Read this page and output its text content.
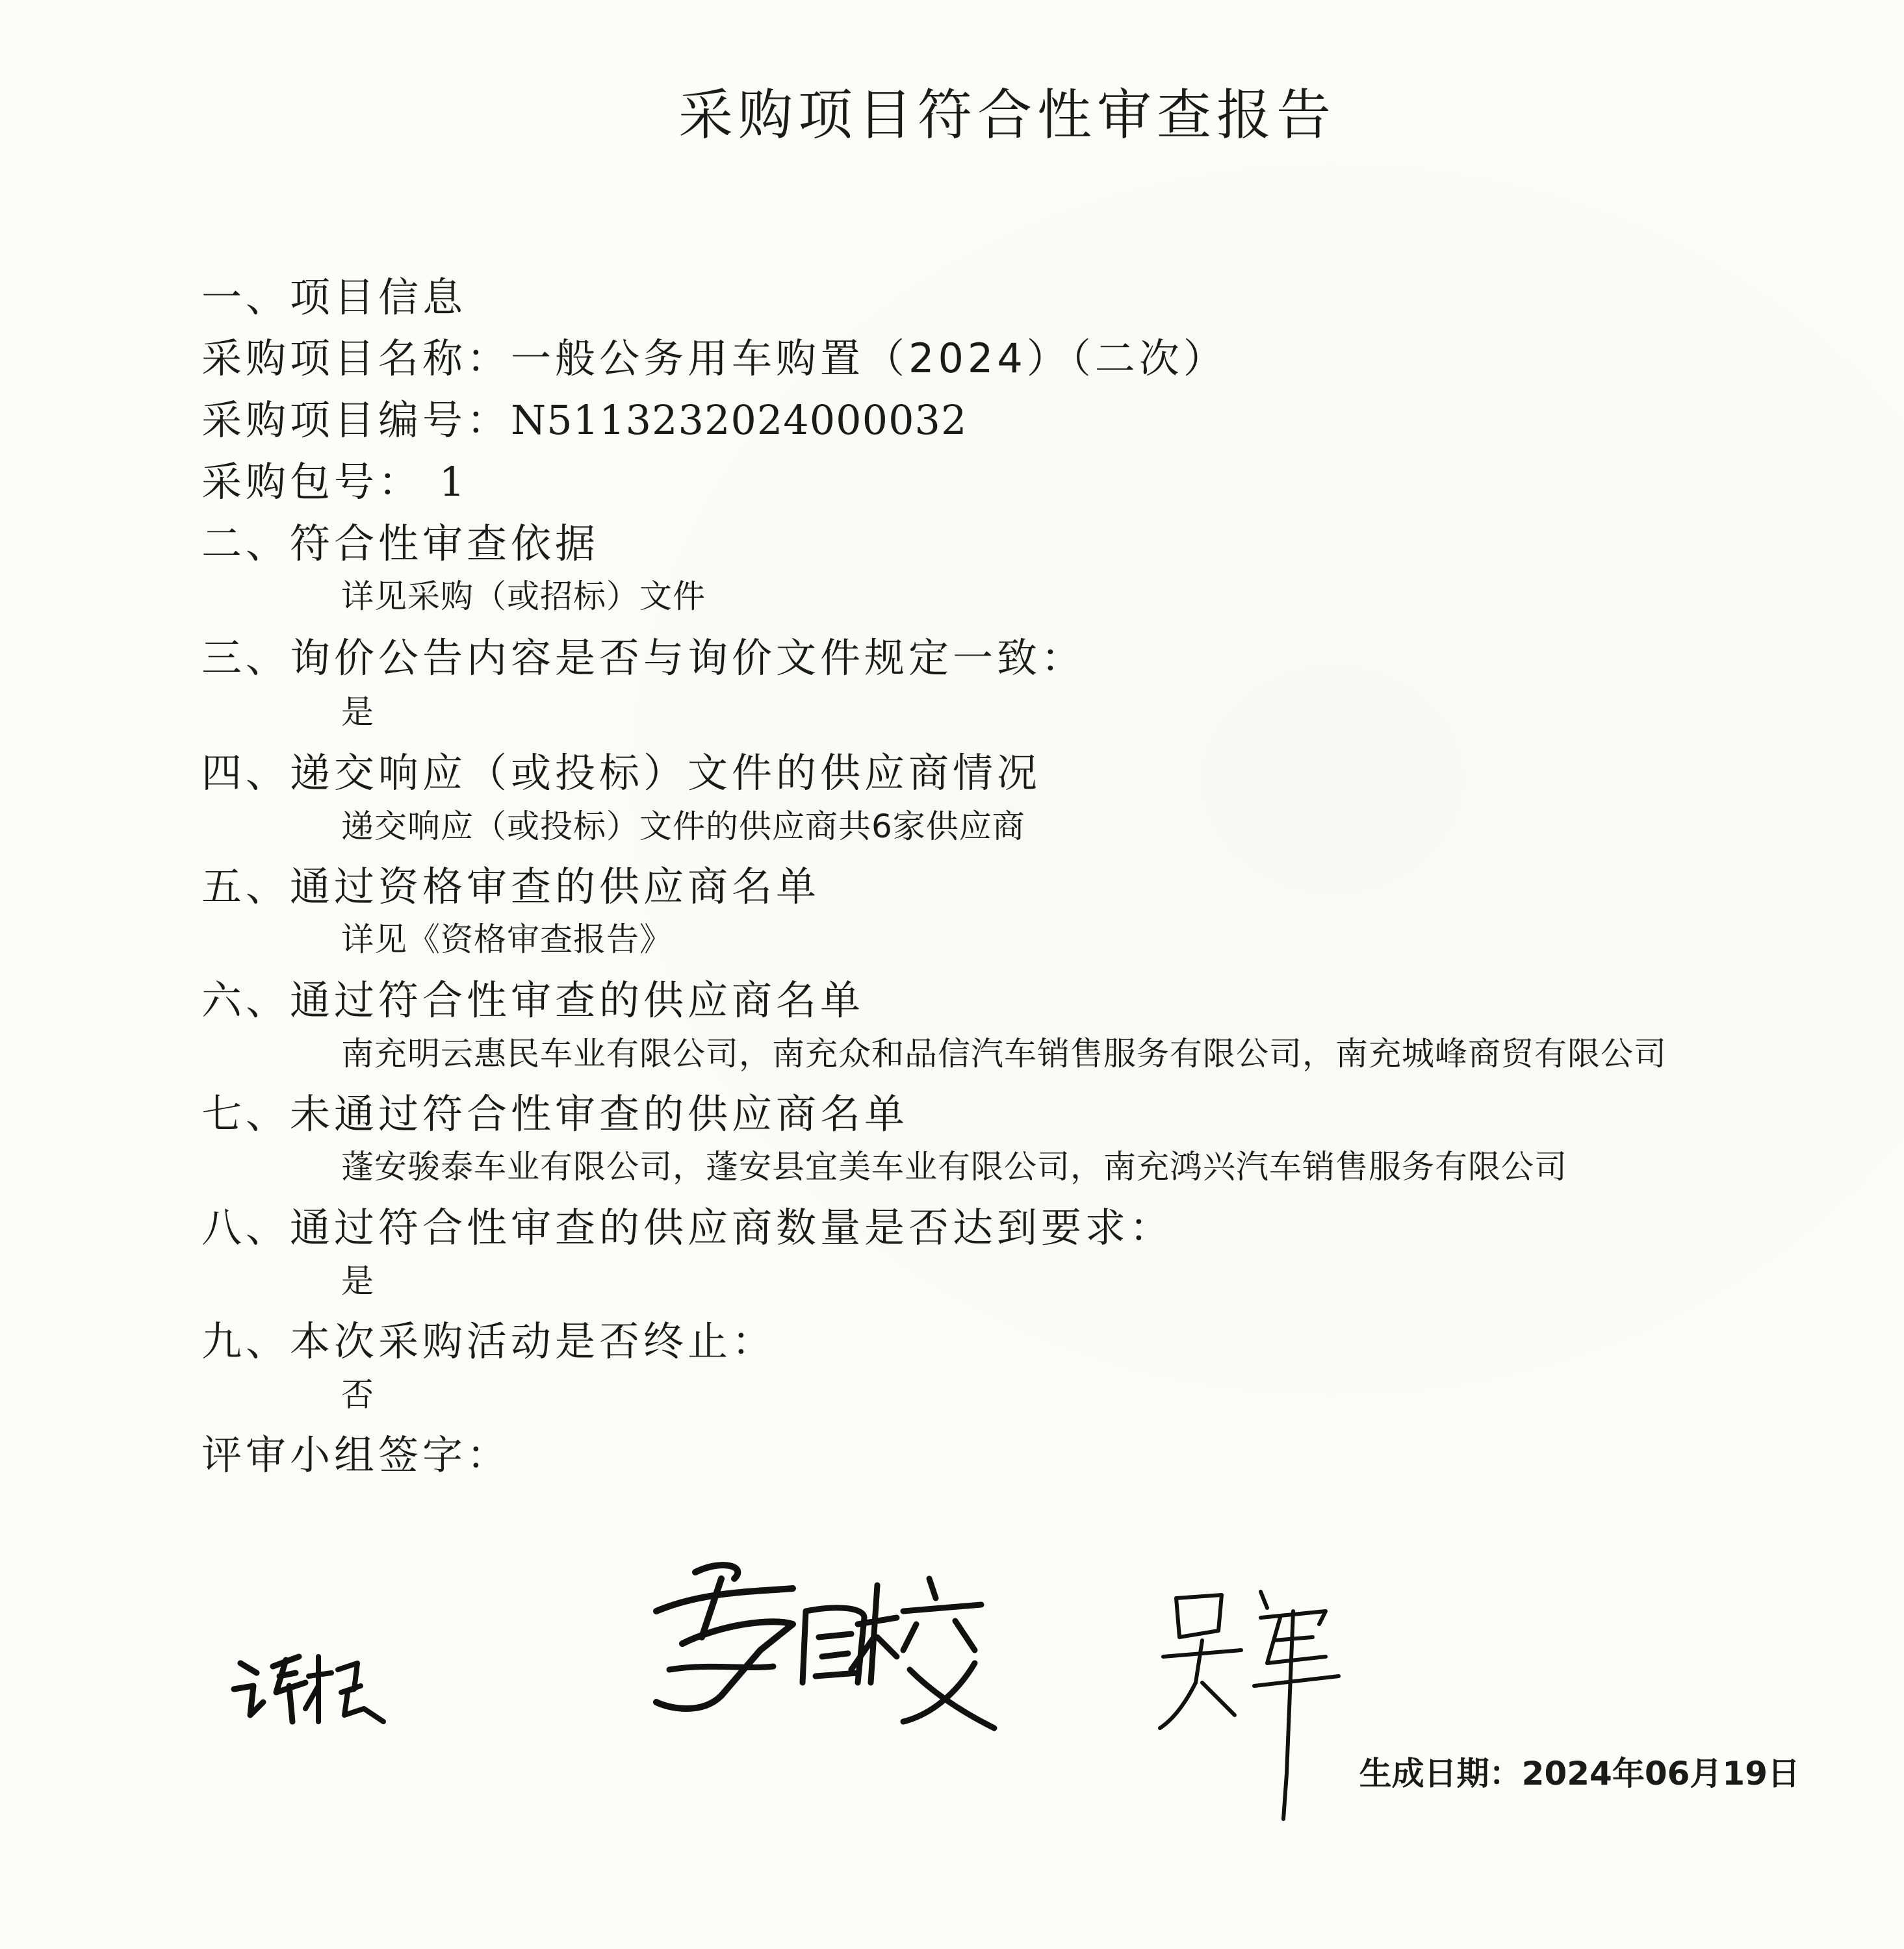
采购项目符合性审查报告
一、项目信息
采购项目名称：一般公务用车购置（2024）（二次）
采购项目编号：N5113232024000032
采购包号： 1
二、符合性审查依据
详见采购（或招标）文件
三、询价公告内容是否与询价文件规定一致：
是
四、递交响应（或投标）文件的供应商情况
递交响应（或投标）文件的供应商共6家供应商
五、通过资格审查的供应商名单
详见《资格审查报告》
六、通过符合性审查的供应商名单
南充明云惠民车业有限公司，南充众和品信汽车销售服务有限公司，南充城峰商贸有限公司
七、未通过符合性审查的供应商名单
蓬安骏泰车业有限公司，蓬安县宜美车业有限公司，南充鸿兴汽车销售服务有限公司
八、通过符合性审查的供应商数量是否达到要求：
是
九、本次采购活动是否终止：
否
评审小组签字：
生成日期：2024年06月19日
